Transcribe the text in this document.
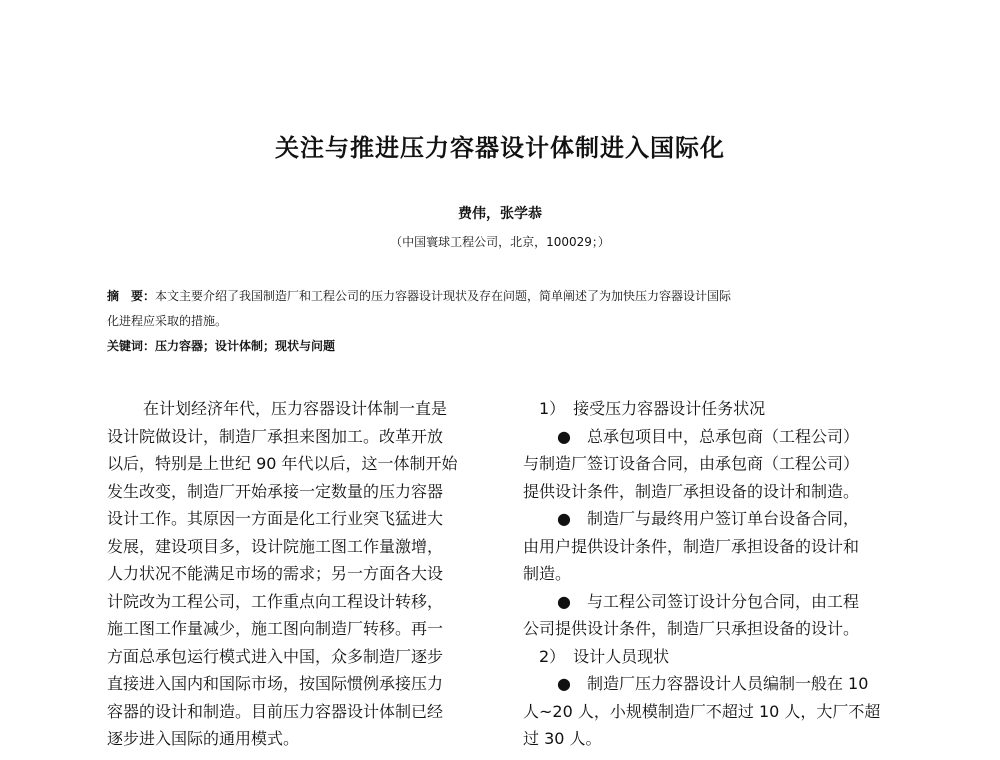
关注与推进压力容器设计体制进入国际化
费伟，张学恭
（中国寰球工程公司，北京，100029；）
摘　要：本文主要介绍了我国制造厂和工程公司的压力容器设计现状及存在问题，简单阐述了为加快压力容器设计国际
化进程应采取的措施。
关键词：压力容器；设计体制；现状与问题
在计划经济年代，压力容器设计体制一直是
设计院做设计，制造厂承担来图加工。改革开放
以后，特别是上世纪 90 年代以后，这一体制开始
发生改变，制造厂开始承接一定数量的压力容器
设计工作。其原因一方面是化工行业突飞猛进大
发展，建设项目多，设计院施工图工作量激增，
人力状况不能满足市场的需求；另一方面各大设
计院改为工程公司，工作重点向工程设计转移，
施工图工作量减少，施工图向制造厂转移。再一
方面总承包运行模式进入中国，众多制造厂逐步
直接进入国内和国际市场，按国际惯例承接压力
容器的设计和制造。目前压力容器设计体制已经
逐步进入国际的通用模式。
1）　接受压力容器设计任务状况
●　总承包项目中，总承包商（工程公司）
与制造厂签订设备合同，由承包商（工程公司）
提供设计条件，制造厂承担设备的设计和制造。
●　制造厂与最终用户签订单台设备合同，
由用户提供设计条件，制造厂承担设备的设计和
制造。
●　与工程公司签订设计分包合同，由工程
公司提供设计条件，制造厂只承担设备的设计。
2）　设计人员现状
●　制造厂压力容器设计人员编制一般在 10
人~20 人，小规模制造厂不超过 10 人，大厂不超
过 30 人。
